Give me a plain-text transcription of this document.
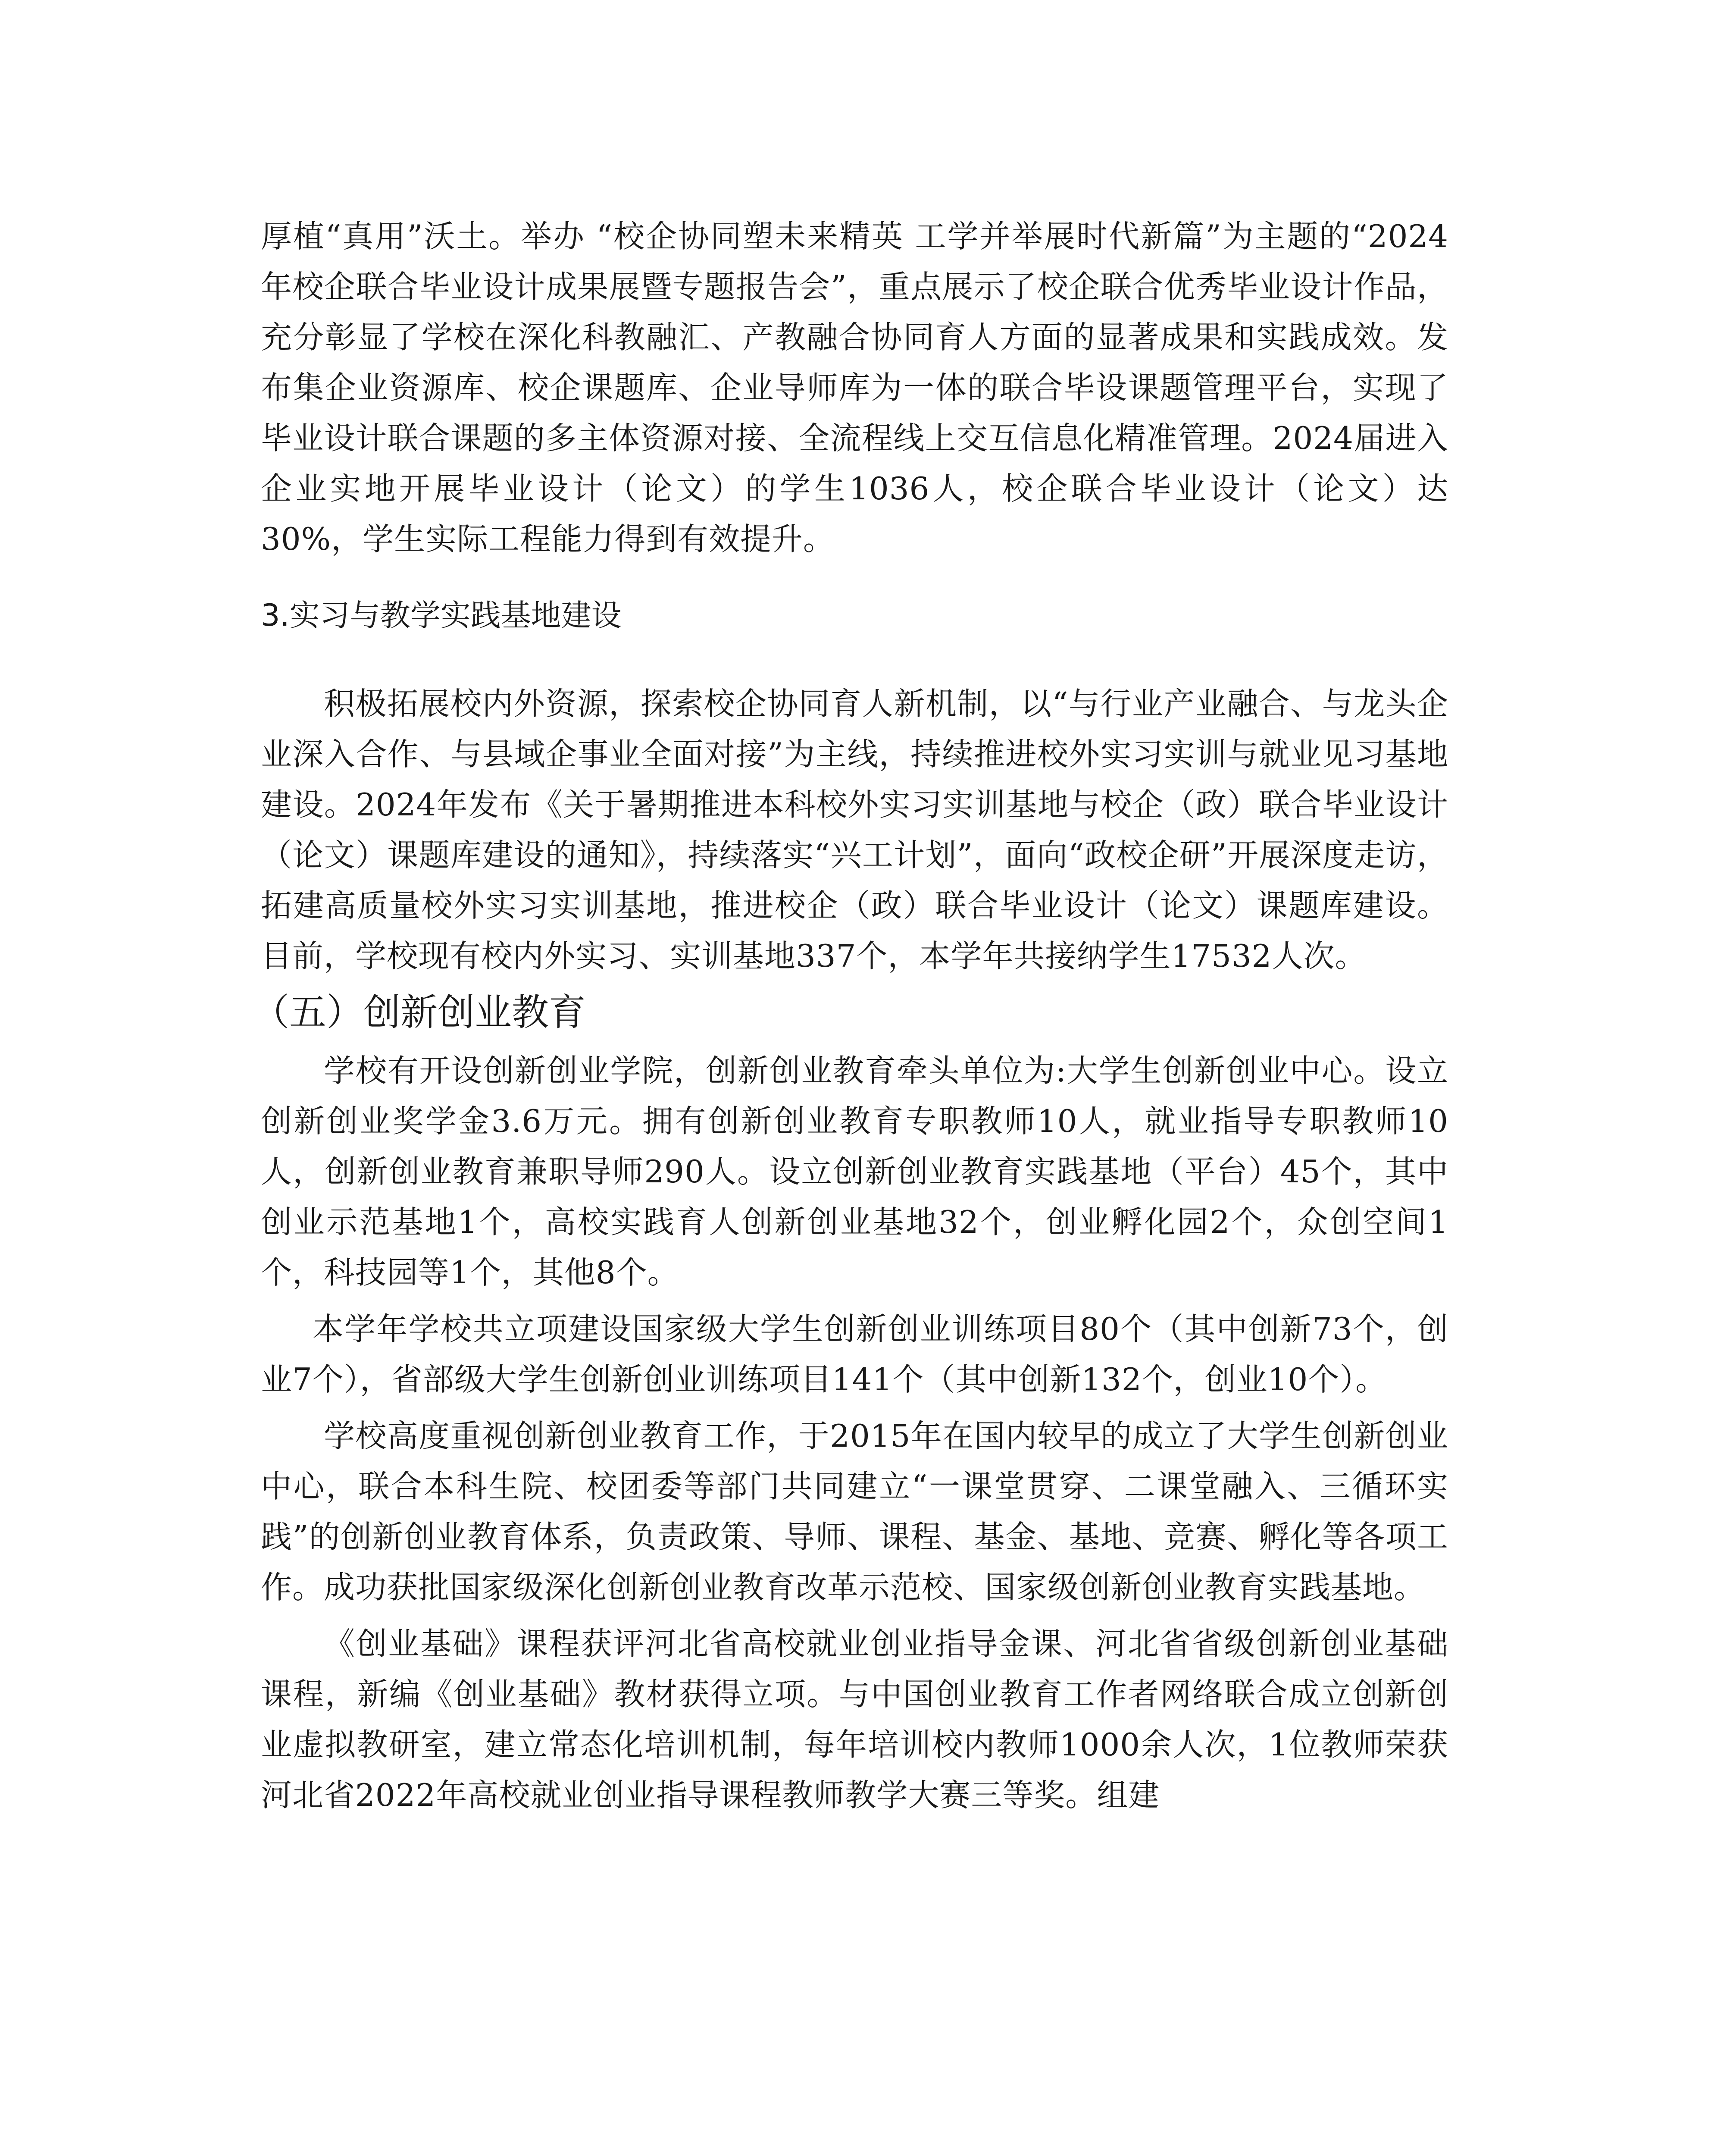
厚植“真用”沃土。举办 “校企协同塑未来精英 工学并举展时代新篇”为主题的“2024年校企联合毕业设计成果展暨专题报告会”，重点展示了校企联合优秀毕业设计作品，充分彰显了学校在深化科教融汇、产教融合协同育人方面的显著成果和实践成效。发布集企业资源库、校企课题库、企业导师库为一体的联合毕设课题管理平台，实现了毕业设计联合课题的多主体资源对接、全流程线上交互信息化精准管理。2024届进入企业实地开展毕业设计（论文）的学生1036人，校企联合毕业设计（论文）达30%，学生实际工程能力得到有效提升。

3.实习与教学实践基地建设

积极拓展校内外资源，探索校企协同育人新机制，以“与行业产业融合、与龙头企业深入合作、与县域企事业全面对接”为主线，持续推进校外实习实训与就业见习基地建设。2024年发布《关于暑期推进本科校外实习实训基地与校企（政）联合毕业设计（论文）课题库建设的通知》，持续落实“兴工计划”，面向“政校企研”开展深度走访，拓建高质量校外实习实训基地，推进校企（政）联合毕业设计（论文）课题库建设。目前，学校现有校内外实习、实训基地337个，本学年共接纳学生17532人次。

（五）创新创业教育

学校有开设创新创业学院，创新创业教育牵头单位为:大学生创新创业中心。设立创新创业奖学金3.6万元。拥有创新创业教育专职教师10人，就业指导专职教师10人，创新创业教育兼职导师290人。设立创新创业教育实践基地（平台）45个，其中创业示范基地1个，高校实践育人创新创业基地32个，创业孵化园2个，众创空间1个，科技园等1个，其他8个。

本学年学校共立项建设国家级大学生创新创业训练项目80个（其中创新73个，创业7个），省部级大学生创新创业训练项目141个（其中创新132个，创业10个）。

学校高度重视创新创业教育工作，于2015年在国内较早的成立了大学生创新创业中心，联合本科生院、校团委等部门共同建立“一课堂贯穿、二课堂融入、三循环实践”的创新创业教育体系，负责政策、导师、课程、基金、基地、竞赛、孵化等各项工作。成功获批国家级深化创新创业教育改革示范校、国家级创新创业教育实践基地。

《创业基础》课程获评河北省高校就业创业指导金课、河北省省级创新创业基础课程，新编《创业基础》教材获得立项。与中国创业教育工作者网络联合成立创新创业虚拟教研室，建立常态化培训机制，每年培训校内教师1000余人次，1位教师荣获河北省2022年高校就业创业指导课程教师教学大赛三等奖。组建
